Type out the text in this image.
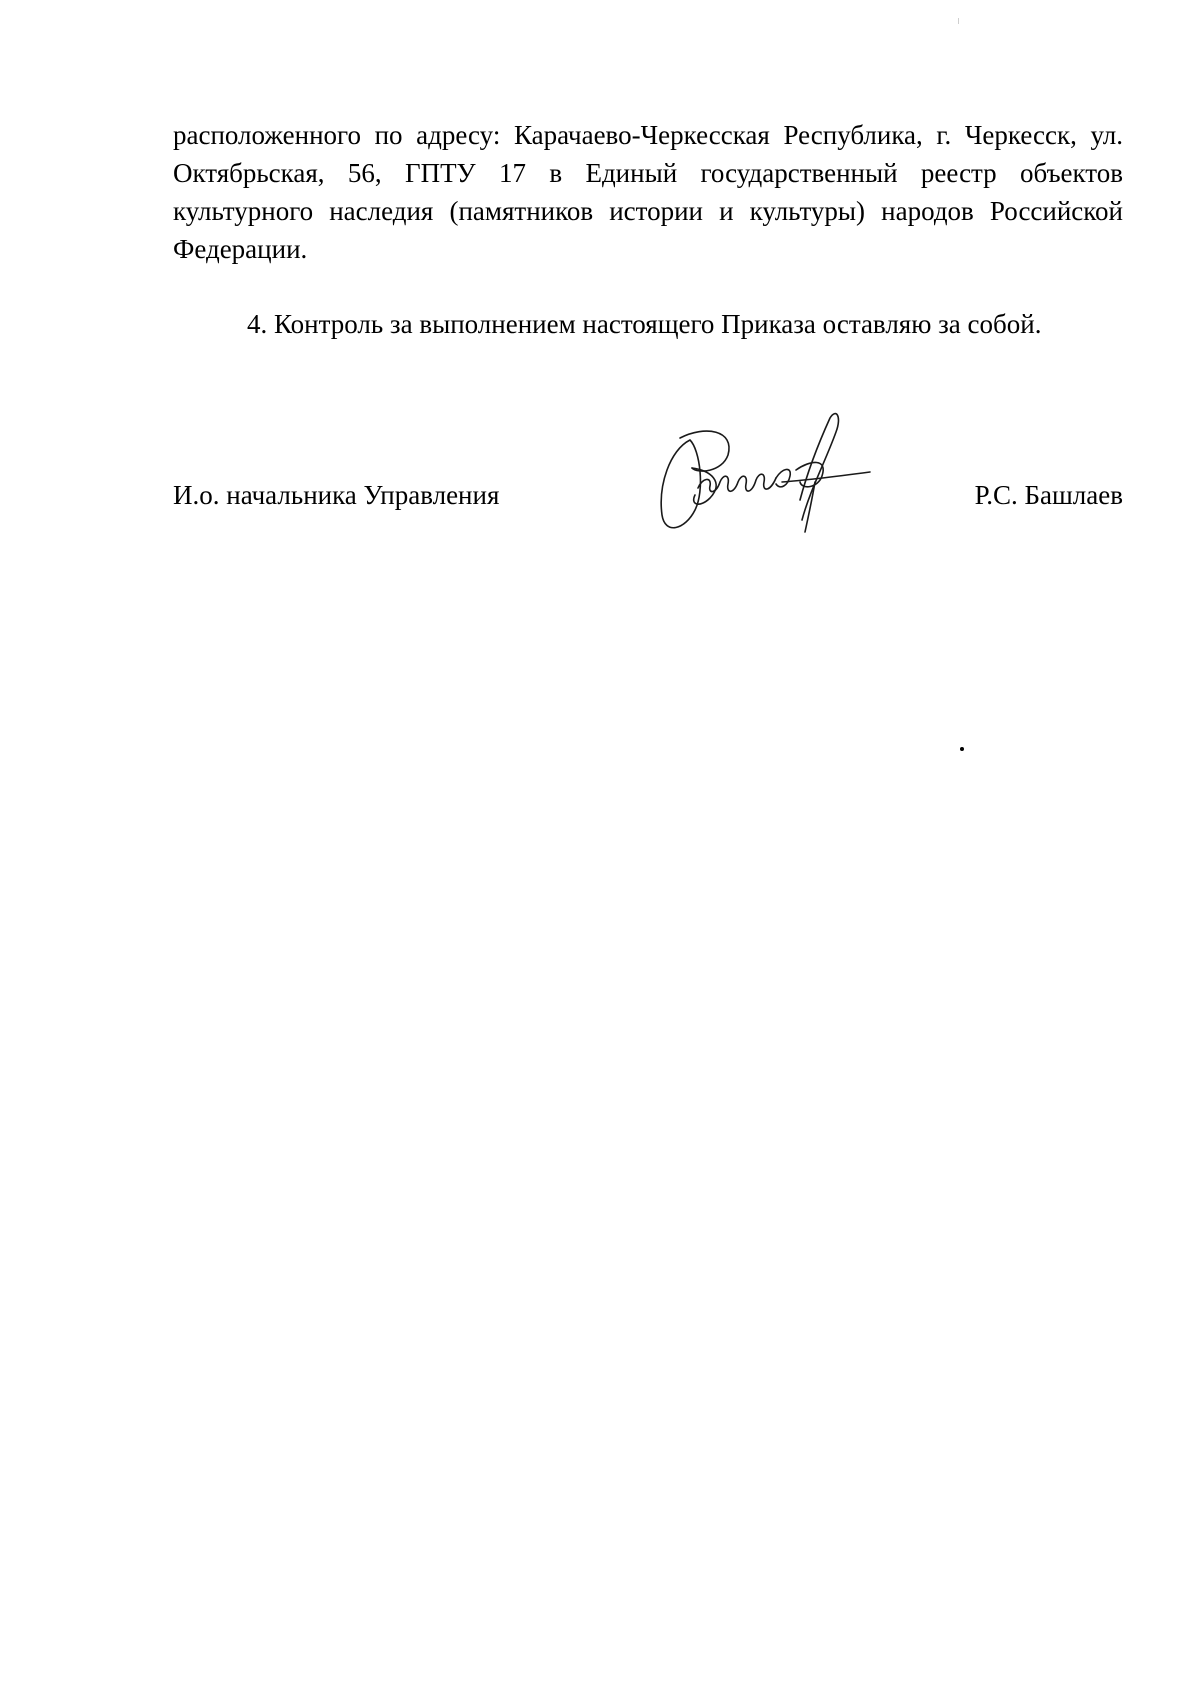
расположенного по адресу: Карачаево-Черкесская Республика, г. Черкесск, ул. Октябрьская, 56, ГПТУ 17 в Единый государственный реестр объектов культурного наследия (памятников истории и культуры) народов Российской Федерации.

4. Контроль за выполнением настоящего Приказа оставляю за собой.

И.о. начальника Управления	Р.С. Башлаев
